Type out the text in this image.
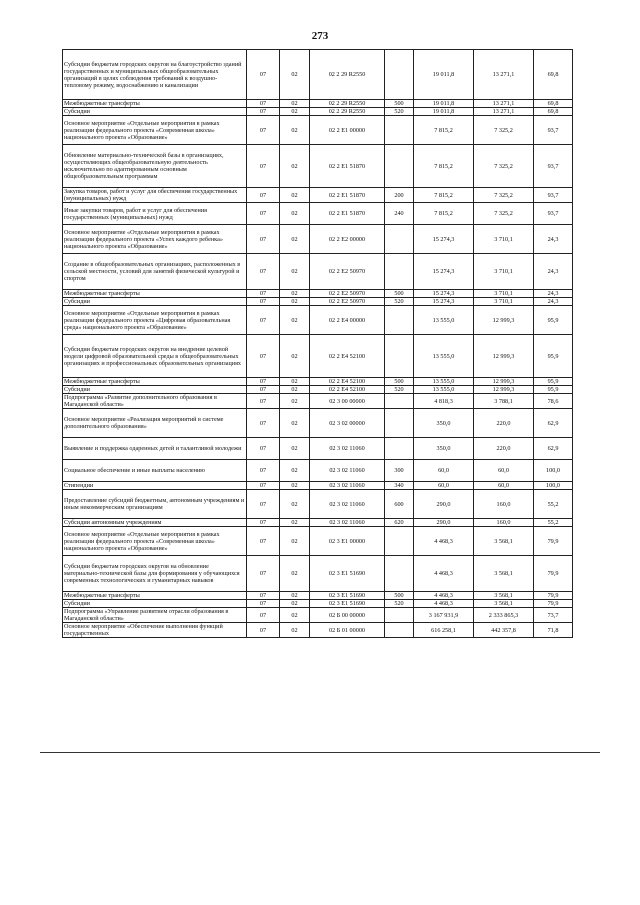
273
Субсидии бюджетам городских округов на благоустройство зданий государственных и муниципальных общеобразовательных организаций в целях соблюдения требований к воздушно-тепловому режиму, водоснабжению и канализации	07	02	02 2 29 R2550		19 011,8	13 271,1	69,8
Межбюджетные трансферты	07	02	02 2 29 R2550	500	19 011,8	13 271,1	69,8
Субсидии	07	02	02 2 29 R2550	520	19 011,8	13 271,1	69,8
Основное мероприятие «Отдельные мероприятия в рамках реализации федерального проекта «Современная школа» национального проекта «Образование»	07	02	02 2 E1 00000		7 815,2	7 325,2	93,7
Обновление материально-технической базы в организациях, осуществляющих общеобразовательную деятельность исключительно по адаптированным основным общеобразовательным программам	07	02	02 2 E1 51870		7 815,2	7 325,2	93,7
Закупка товаров, работ и услуг для обеспечения государственных (муниципальных) нужд	07	02	02 2 E1 51870	200	7 815,2	7 325,2	93,7
Иные закупки товаров, работ и услуг для обеспечения государственных (муниципальных) нужд	07	02	02 2 E1 51870	240	7 815,2	7 325,2	93,7
Основное мероприятие «Отдельные мероприятия в рамках реализации федерального проекта «Успех каждого ребенка» национального проекта «Образование»	07	02	02 2 E2 00000		15 274,3	3 710,1	24,3
Создание в общеобразовательных организациях, расположенных в сельской местности, условий для занятий физической культурой и спортом	07	02	02 2 E2 50970		15 274,3	3 710,1	24,3
Межбюджетные трансферты	07	02	02 2 E2 50970	500	15 274,3	3 710,1	24,3
Субсидии	07	02	02 2 E2 50970	520	15 274,3	3 710,1	24,3
Основное мероприятие «Отдельные мероприятия в рамках реализации федерального проекта «Цифровая образовательная среда» национального проекта «Образование»	07	02	02 2 E4 00000		13 555,0	12 999,3	95,9
Субсидии бюджетам городских округов на внедрение целевой модели цифровой образовательной среды в общеобразовательных организациях и профессиональных образовательных организациях	07	02	02 2 E4 52100		13 555,0	12 999,3	95,9
Межбюджетные трансферты	07	02	02 2 E4 52100	500	13 555,0	12 999,3	95,9
Субсидии	07	02	02 2 E4 52100	520	13 555,0	12 999,3	95,9
Подпрограмма «Развитие дополнительного образования в Магаданской области»	07	02	02 3 00 00000		4 818,3	3 788,1	78,6
Основное мероприятие «Реализация мероприятий в системе дополнительного образования»	07	02	02 3 02 00000		350,0	220,0	62,9
Выявление и поддержка одаренных детей и талантливой молодежи	07	02	02 3 02 11060		350,0	220,0	62,9
Социальное обеспечение и иные выплаты населению	07	02	02 3 02 11060	300	60,0	60,0	100,0
Стипендии	07	02	02 3 02 11060	340	60,0	60,0	100,0
Предоставление субсидий бюджетным, автономным учреждениям и иным некоммерческим организациям	07	02	02 3 02 11060	600	290,0	160,0	55,2
Субсидии автономным учреждениям	07	02	02 3 02 11060	620	290,0	160,0	55,2
Основное мероприятие «Отдельные мероприятия в рамках реализации федерального проекта «Современная школа» национального проекта «Образование»	07	02	02 3 E1 00000		4 468,3	3 568,1	79,9
Субсидии бюджетам городских округов на обновление материально-технической базы для формирования у обучающихся современных технологических и гуманитарных навыков	07	02	02 3 E1 51690		4 468,3	3 568,1	79,9
Межбюджетные трансферты	07	02	02 3 E1 51690	500	4 468,3	3 568,1	79,9
Субсидии	07	02	02 3 E1 51690	520	4 468,3	3 568,1	79,9
Подпрограмма «Управление развитием отрасли образования в Магаданской области»	07	02	02 Б 00 00000		3 167 931,9	2 333 865,3	73,7
Основное мероприятие «Обеспечение выполнения функций государственных	07	02	02 Б 01 00000		616 258,1	442 357,8	71,8
